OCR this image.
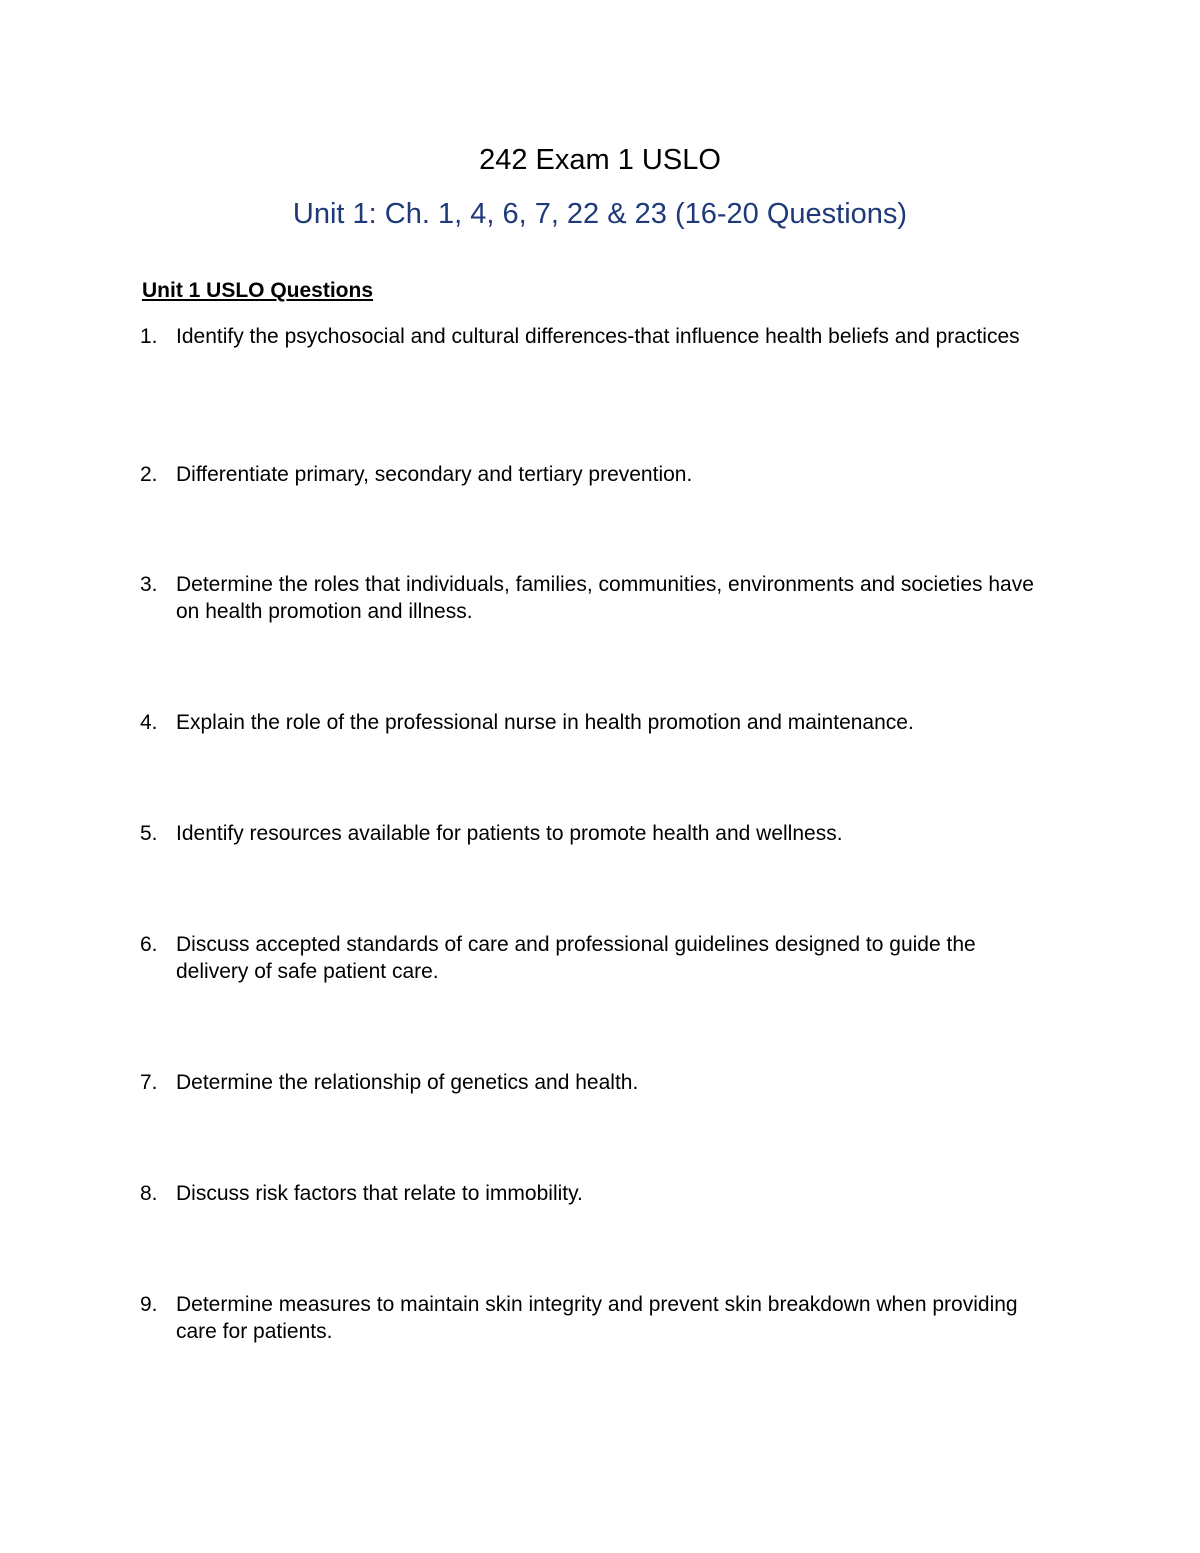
242 Exam 1 USLO
Unit 1: Ch. 1, 4, 6, 7, 22 & 23 (16-20 Questions)
Unit 1 USLO Questions
1. Identify the psychosocial and cultural differences-that influence health beliefs and practices
2. Differentiate primary, secondary and tertiary prevention.
3. Determine the roles that individuals, families, communities, environments and societies have on health promotion and illness.
4. Explain the role of the professional nurse in health promotion and maintenance.
5. Identify resources available for patients to promote health and wellness.
6. Discuss accepted standards of care and professional guidelines designed to guide the delivery of safe patient care.
7. Determine the relationship of genetics and health.
8. Discuss risk factors that relate to immobility.
9. Determine measures to maintain skin integrity and prevent skin breakdown when providing care for patients.
